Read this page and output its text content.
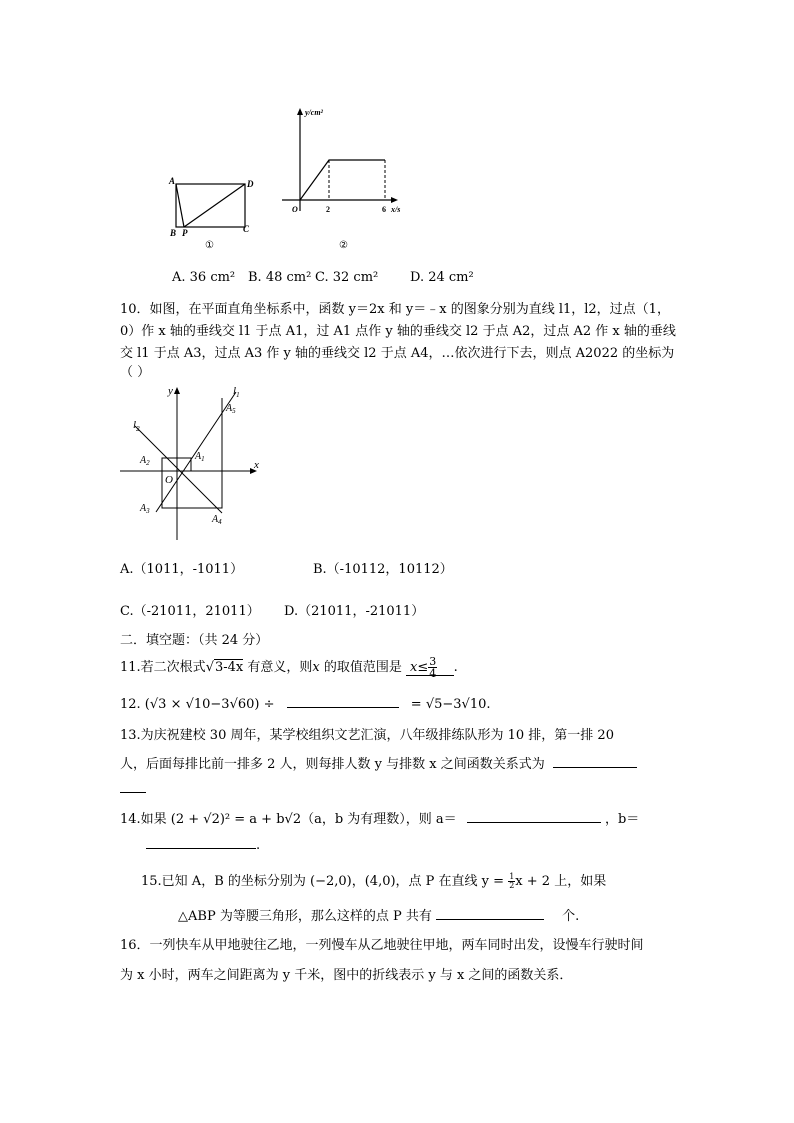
A	D
B P	C
①
y/cm²
x/s
O	2	6
②
A. 36 cm² B. 48 cm² C. 32 cm² D. 24 cm²
10．如图，在平面直角坐标系中，函数 y＝2x 和 y＝﹣x 的图象分别为直线 l1，l2，过点（1，
0）作 x 轴的垂线交 l1 于点 A1，过 A1 点作 y 轴的垂线交 l2 于点 A2，过点 A2 作 x 轴的垂线
交 l1 于点 A3，过点 A3 作 y 轴的垂线交 l2 于点 A4，…依次进行下去，则点 A2022 的坐标为
（ ）
y
x
O
$l_1$
$l_2$
$A_5$
$A_1$
$A_2$
$A_3$
$A_4$
A.（1011，-1011）	B.（-10112，10112）
C.（-21011，21011） D.（21011，-21011）
二．填空题：（共 24 分）
11.若二次根式√3-4x 有意义，则x 的取值范围是 $x\le \frac{3}{4}$ .
12. (√3 × √10−3√60) ÷	= √5−3√10.
13.为庆祝建校 30 周年，某学校组织文艺汇演，八年级排练队形为 10 排，第一排 20
人，后面每排比前一排多 2 人，则每排人数 y 与排数 x 之间函数关系式为
14.如果 (2 + √2)² = a + b√2（a，b 为有理数），则 a＝	，b＝
.
15.已知 A，B 的坐标分别为 (−2,0)，(4,0)，点 P 在直线 $y = \frac{1}{2}$ x + 2 上，如果
△ABP 为等腰三角形，那么这样的点 P 共有	个.
16．一列快车从甲地驶往乙地，一列慢车从乙地驶往甲地，两车同时出发，设慢车行驶时间
为 x 小时，两车之间距离为 y 千米，图中的折线表示 y 与 x 之间的函数关系．
